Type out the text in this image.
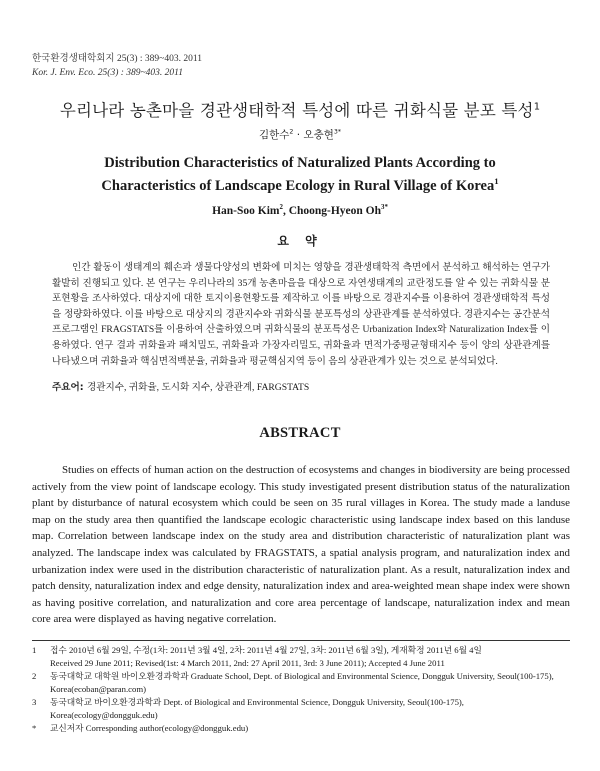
한국환경생태학회지 25(3) : 389~403. 2011
Kor. J. Env. Eco. 25(3) : 389~403. 2011
우리나라 농촌마을 경관생태학적 특성에 따른 귀화식물 분포 특성$^1$
김한수$^2$ · 오충현$^{3*}$
Distribution Characteristics of Naturalized Plants According to Characteristics of Landscape Ecology in Rural Village of Korea$^1$
Han-Soo Kim$^2$, Choong-Hyeon $Oh^{3*}$
요 약

인간 활동이 생태계의 훼손과 생물다양성의 변화에 미치는 영향을 경관생태학적 측면에서 분석하고 해석하는 연구가 활발히 진행되고 있다. 본 연구는 우리나라의 35개 농촌마을을 대상으로 자연생태계의 교란정도를 알 수 있는 귀화식물 분포현황을 조사하였다. 대상지에 대한 토지이용현황도를 제작하고 이를 바탕으로 경관지수를 이용하여 경관생태학적 특성을 정량화하였다. 이를 바탕으로 대상지의 경관지수와 귀화식물 분포특성의 상관관계를 분석하였다. 경관지수는 공간분석 프로그램인 FRAGSTATS를 이용하여 산출하였으며 귀화식물의 분포특성은 Urbanization Index와 Naturalization Index를 이용하였다. 연구 결과 귀화율과 패치밀도, 귀화율과 가장자리밀도, 귀화율과 면적가중평균형태지수 등이 양의 상관관계를 나타냈으며 귀화율과 핵심면적백분율, 귀화율과 평균핵심지역 등이 음의 상관관계가 있는 것으로 분석되었다.

주요어: 경관지수, 귀화율, 도시화 지수, 상관관계, FARGSTATS
ABSTRACT

Studies on effects of human action on the destruction of ecosystems and changes in biodiversity are being processed actively from the view point of landscape ecology. This study investigated present distribution status of the naturalization plant by disturbance of natural ecosystem which could be seen on 35 rural villages in Korea. The study made a landuse map on the study area then quantified the landscape ecologic characteristic using landscape index based on this landuse map. Correlation between landscape index on the study area and distribution characteristic of naturalization plant was analyzed. The landscape index was calculated by FRAGSTATS, a spatial analysis program, and naturalization index and urbanization index were used in the distribution characteristic of naturalization plant. As a result, naturalization index and patch density, naturalization index and edge density, naturalization index and area-weighted mean shape index were shown as having positive correlation, and naturalization and core area percentage of landscape, naturalization index and mean core area were displayed as having negative correlation.

1 접수 2010년 6월 29일, 수정(1차: 2011년 3월 4일, 2차: 2011년 4월 27일, 3차: 2011년 6월 3일), 게재확정 2011년 6월 4일
Received 29 June 2011; Revised(1st: 4 March 2011, 2nd: 27 April 2011, 3rd: 3 June 2011); Accepted 4 June 2011
2 동국대학교 대학원 바이오환경과학과 Graduate School, Dept. of Biological and Environmental Science, Dongguk University, Seoul(100-175), Korea(ecoban@paran.com)
3 동국대학교 바이오환경과학과 Dept. of Biological and Environmental Science, Dongguk University, Seoul(100-175), Korea(ecology@dongguk.edu)
* 교신저자 Corresponding author(ecology@dongguk.edu)
